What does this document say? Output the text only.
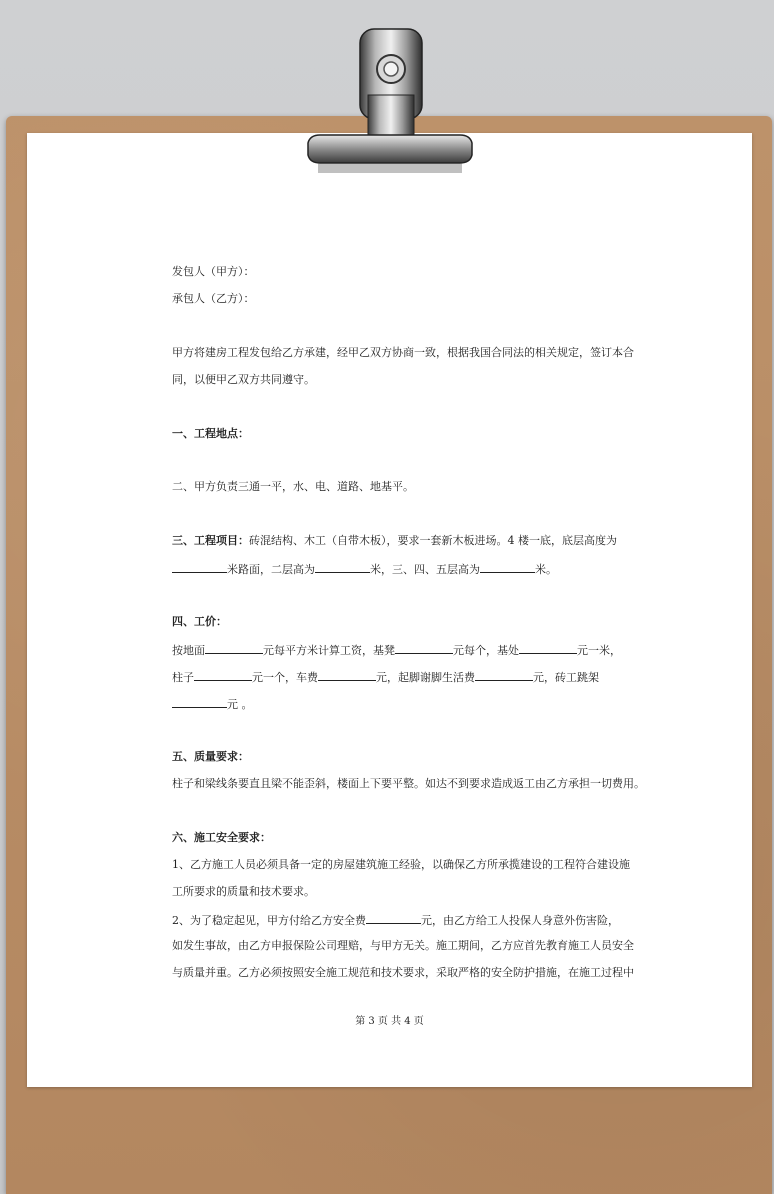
发包人（甲方）：
承包人（乙方）：
甲方将建房工程发包给乙方承建，经甲乙双方协商一致，根据我国合同法的相关规定，签订本合
同，以便甲乙双方共同遵守。
一、工程地点：
二、甲方负责三通一平，水、电、道路、地基平。
三、工程项目：砖混结构、木工（自带木板），要求一套新木板进场。4 楼一底，底层高度为
米路面，二层高为	米，三、四、五层高为	米。
四、工价：
按地面	元每平方米计算工资，基凳	元每个，基处	元一米，
柱子	元一个，车费	元，起脚谢脚生活费	元，砖工跳架
元 。
五、质量要求：
柱子和梁线条要直且梁不能歪斜，楼面上下要平整。如达不到要求造成返工由乙方承担一切费用。
六、施工安全要求：
1、乙方施工人员必须具备一定的房屋建筑施工经验，以确保乙方所承揽建设的工程符合建设施
工所要求的质量和技术要求。
2、为了稳定起见，甲方付给乙方安全费	元，由乙方给工人投保人身意外伤害险，
如发生事故，由乙方申报保险公司理赔，与甲方无关。施工期间，乙方应首先教育施工人员安全
与质量并重。乙方必须按照安全施工规范和技术要求，采取严格的安全防护措施，在施工过程中
第 3 页 共 4 页
